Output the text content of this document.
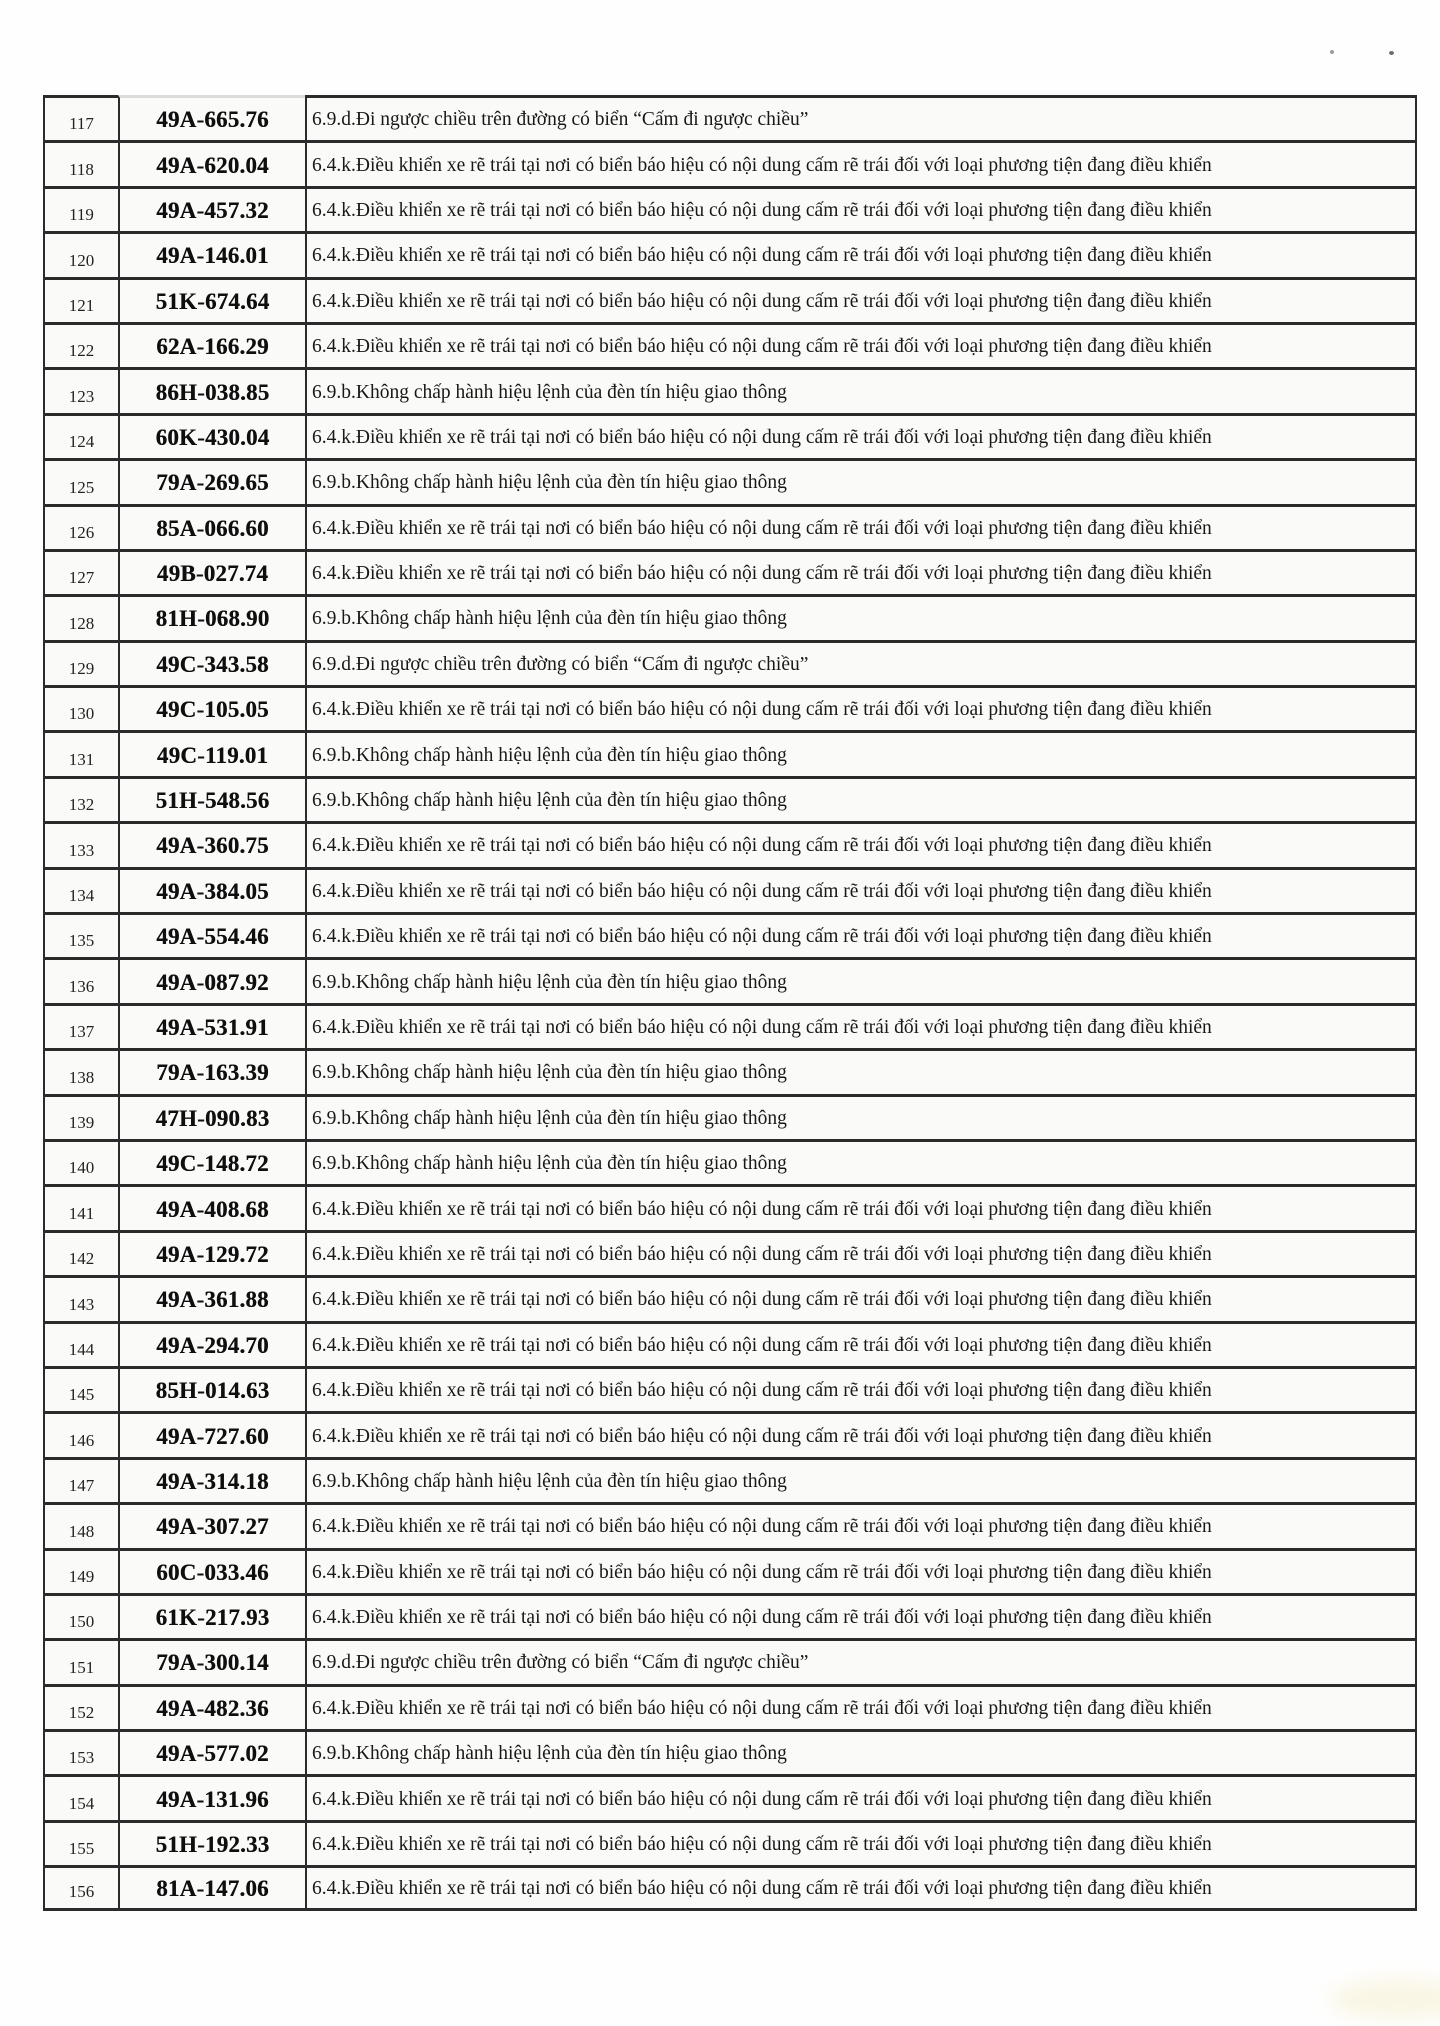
117	49A-665.76	6.9.d.Đi ngược chiều trên đường có biển “Cấm đi ngược chiều”
118	49A-620.04	6.4.k.Điều khiển xe rẽ trái tại nơi có biển báo hiệu có nội dung cấm rẽ trái đối với loại phương tiện đang điều khiển
119	49A-457.32	6.4.k.Điều khiển xe rẽ trái tại nơi có biển báo hiệu có nội dung cấm rẽ trái đối với loại phương tiện đang điều khiển
120	49A-146.01	6.4.k.Điều khiển xe rẽ trái tại nơi có biển báo hiệu có nội dung cấm rẽ trái đối với loại phương tiện đang điều khiển
121	51K-674.64	6.4.k.Điều khiển xe rẽ trái tại nơi có biển báo hiệu có nội dung cấm rẽ trái đối với loại phương tiện đang điều khiển
122	62A-166.29	6.4.k.Điều khiển xe rẽ trái tại nơi có biển báo hiệu có nội dung cấm rẽ trái đối với loại phương tiện đang điều khiển
123	86H-038.85	6.9.b.Không chấp hành hiệu lệnh của đèn tín hiệu giao thông
124	60K-430.04	6.4.k.Điều khiển xe rẽ trái tại nơi có biển báo hiệu có nội dung cấm rẽ trái đối với loại phương tiện đang điều khiển
125	79A-269.65	6.9.b.Không chấp hành hiệu lệnh của đèn tín hiệu giao thông
126	85A-066.60	6.4.k.Điều khiển xe rẽ trái tại nơi có biển báo hiệu có nội dung cấm rẽ trái đối với loại phương tiện đang điều khiển
127	49B-027.74	6.4.k.Điều khiển xe rẽ trái tại nơi có biển báo hiệu có nội dung cấm rẽ trái đối với loại phương tiện đang điều khiển
128	81H-068.90	6.9.b.Không chấp hành hiệu lệnh của đèn tín hiệu giao thông
129	49C-343.58	6.9.d.Đi ngược chiều trên đường có biển “Cấm đi ngược chiều”
130	49C-105.05	6.4.k.Điều khiển xe rẽ trái tại nơi có biển báo hiệu có nội dung cấm rẽ trái đối với loại phương tiện đang điều khiển
131	49C-119.01	6.9.b.Không chấp hành hiệu lệnh của đèn tín hiệu giao thông
132	51H-548.56	6.9.b.Không chấp hành hiệu lệnh của đèn tín hiệu giao thông
133	49A-360.75	6.4.k.Điều khiển xe rẽ trái tại nơi có biển báo hiệu có nội dung cấm rẽ trái đối với loại phương tiện đang điều khiển
134	49A-384.05	6.4.k.Điều khiển xe rẽ trái tại nơi có biển báo hiệu có nội dung cấm rẽ trái đối với loại phương tiện đang điều khiển
135	49A-554.46	6.4.k.Điều khiển xe rẽ trái tại nơi có biển báo hiệu có nội dung cấm rẽ trái đối với loại phương tiện đang điều khiển
136	49A-087.92	6.9.b.Không chấp hành hiệu lệnh của đèn tín hiệu giao thông
137	49A-531.91	6.4.k.Điều khiển xe rẽ trái tại nơi có biển báo hiệu có nội dung cấm rẽ trái đối với loại phương tiện đang điều khiển
138	79A-163.39	6.9.b.Không chấp hành hiệu lệnh của đèn tín hiệu giao thông
139	47H-090.83	6.9.b.Không chấp hành hiệu lệnh của đèn tín hiệu giao thông
140	49C-148.72	6.9.b.Không chấp hành hiệu lệnh của đèn tín hiệu giao thông
141	49A-408.68	6.4.k.Điều khiển xe rẽ trái tại nơi có biển báo hiệu có nội dung cấm rẽ trái đối với loại phương tiện đang điều khiển
142	49A-129.72	6.4.k.Điều khiển xe rẽ trái tại nơi có biển báo hiệu có nội dung cấm rẽ trái đối với loại phương tiện đang điều khiển
143	49A-361.88	6.4.k.Điều khiển xe rẽ trái tại nơi có biển báo hiệu có nội dung cấm rẽ trái đối với loại phương tiện đang điều khiển
144	49A-294.70	6.4.k.Điều khiển xe rẽ trái tại nơi có biển báo hiệu có nội dung cấm rẽ trái đối với loại phương tiện đang điều khiển
145	85H-014.63	6.4.k.Điều khiển xe rẽ trái tại nơi có biển báo hiệu có nội dung cấm rẽ trái đối với loại phương tiện đang điều khiển
146	49A-727.60	6.4.k.Điều khiển xe rẽ trái tại nơi có biển báo hiệu có nội dung cấm rẽ trái đối với loại phương tiện đang điều khiển
147	49A-314.18	6.9.b.Không chấp hành hiệu lệnh của đèn tín hiệu giao thông
148	49A-307.27	6.4.k.Điều khiển xe rẽ trái tại nơi có biển báo hiệu có nội dung cấm rẽ trái đối với loại phương tiện đang điều khiển
149	60C-033.46	6.4.k.Điều khiển xe rẽ trái tại nơi có biển báo hiệu có nội dung cấm rẽ trái đối với loại phương tiện đang điều khiển
150	61K-217.93	6.4.k.Điều khiển xe rẽ trái tại nơi có biển báo hiệu có nội dung cấm rẽ trái đối với loại phương tiện đang điều khiển
151	79A-300.14	6.9.d.Đi ngược chiều trên đường có biển “Cấm đi ngược chiều”
152	49A-482.36	6.4.k.Điều khiển xe rẽ trái tại nơi có biển báo hiệu có nội dung cấm rẽ trái đối với loại phương tiện đang điều khiển
153	49A-577.02	6.9.b.Không chấp hành hiệu lệnh của đèn tín hiệu giao thông
154	49A-131.96	6.4.k.Điều khiển xe rẽ trái tại nơi có biển báo hiệu có nội dung cấm rẽ trái đối với loại phương tiện đang điều khiển
155	51H-192.33	6.4.k.Điều khiển xe rẽ trái tại nơi có biển báo hiệu có nội dung cấm rẽ trái đối với loại phương tiện đang điều khiển
156	81A-147.06	6.4.k.Điều khiển xe rẽ trái tại nơi có biển báo hiệu có nội dung cấm rẽ trái đối với loại phương tiện đang điều khiển
